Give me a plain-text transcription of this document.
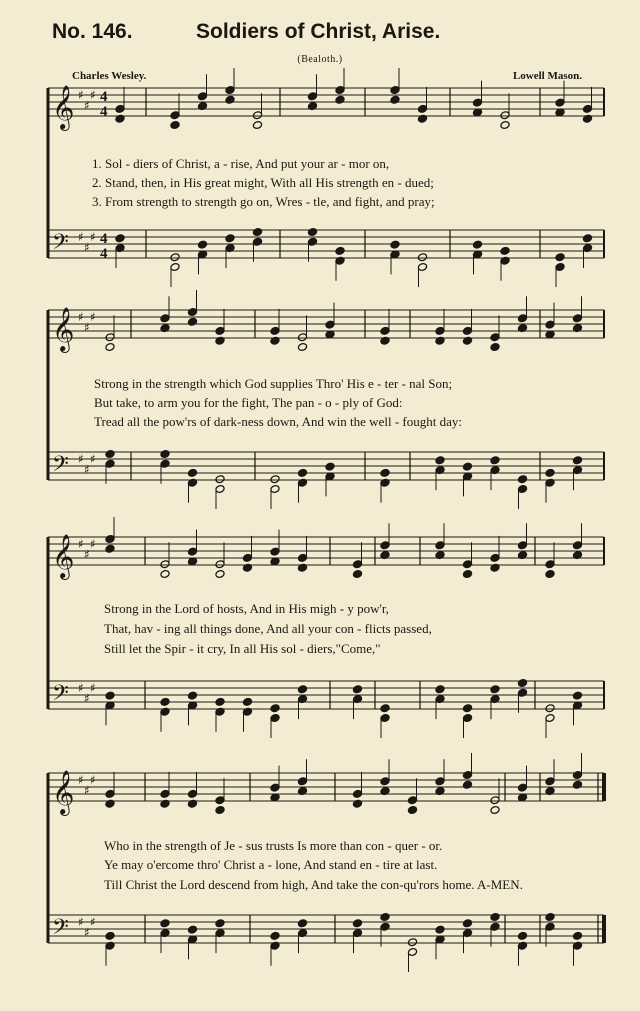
No. 146.	Soldiers of Christ, Arise.
(Bealoth.)
Charles Wesley.	Lowell Mason.
𝄞 ♯
♯
♯ 4
4
𝄢 ♯
♯
♯ 4
4
𝄞 ♯
♯
♯
𝄢 ♯
♯
♯
𝄞 ♯
♯
♯
𝄢 ♯
♯
♯
𝄞 ♯
♯
♯
𝄢 ♯
♯
♯
1. Sol - diers of Christ, a - rise, And put your ar - mor on,
2. Stand, then, in His great might, With all His strength en - dued;
3. From strength to strength go on, Wres - tle, and fight, and pray;
Strong in the strength which God supplies Thro' His e - ter - nal Son;
But take, to arm you for the fight, The pan - o - ply of God:
Tread all the pow'rs of dark-ness down, And win the well - fought day:
Strong in the Lord of hosts, And in His migh - y pow'r,
That, hav - ing all things done, And all your con - flicts passed,
Still let the Spir - it cry, In all His sol - diers,"Come,"
Who in the strength of Je - sus trusts Is more than con - quer - or.
Ye may o'ercome thro' Christ a - lone, And stand en - tire at last.
Till Christ the Lord descend from high, And take the con-qu'rors home. A-MEN.
